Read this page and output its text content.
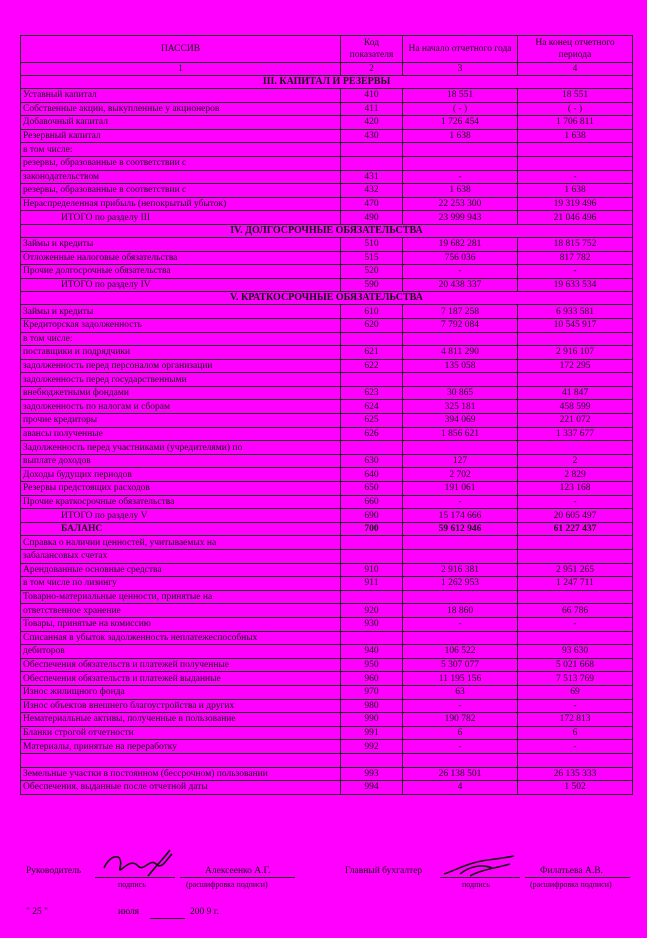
ПАССИВ	Код показателя	На начало отчетного года	На конец отчетного периода
1	2	3	4
III. КАПИТАЛ И РЕЗЕРВЫ			
Уставный капитал	410	18 551	18 551
Собственные акции, выкупленные у акционеров	411	( - )	( - )
Добавочный капитал	420	1 726 454	1 706 811
Резервный капитал	430	1 638	1 638
в том числе:			
резервы, образованные в соответствии с			
законодательством	431	-	-
резервы, образованные в соответствии с	432	1 638	1 638
Нераспределенная прибыль (непокрытый убыток)	470	22 253 300	19 319 496
ИТОГО по разделу III	490	23 999 943	21 046 496
IV. ДОЛГОСРОЧНЫЕ ОБЯЗАТЕЛЬСТВА			
Займы и кредиты	510	19 682 281	18 815 752
Отложенные налоговые обязательства	515	756 036	817 782
Прочие долгосрочные обязательства	520	-	-
ИТОГО по разделу IV	590	20 438 337	19 633 534
V. КРАТКОСРОЧНЫЕ ОБЯЗАТЕЛЬСТВА			
Займы и кредиты	610	7 187 258	6 933 581
Кредиторская задолженность	620	7 792 084	10 545 917
в том числе:			
поставщики и подрядчики	621	4 811 290	2 916 107
задолженность перед персоналом организации	622	135 058	172 295
задолженность перед государственными			
внебюджетными фондами	623	30 865	41 847
задолженность по налогам и сборам	624	325 181	458 599
прочие кредиторы	625	394 069	221 072
авансы полученные	626	1 856 621	1 337 677
Задолженность перед участниками (учредителями) по			
выплате доходов	630	127	2
Доходы будущих периодов	640	2 702	2 829
Резервы предстоящих расходов	650	191 061	123 168
Прочие краткосрочные обязательства	660	-	-
ИТОГО по разделу V	690	15 174 666	20 605 497
БАЛАНС	700	59 612 946	61 227 437
Справка о наличии ценностей, учитываемых на			
забалансовых счетах			
Арендованные основные средства	910	2 916 381	2 951 265
в том числе по лизингу	911	1 262 953	1 247 711
Товарно-материальные ценности, принятые на			
ответственное хранение	920	18 860	66 786
Товары, принятые на комиссию	930	-	-
Списанная в убыток задолженность неплатежеспособных			
дебиторов	940	106 522	93 630
Обеспечения обязательств и платежей полученные	950	5 307 077	5 021 668
Обеспечения обязательств и платежей выданные	960	11 195 156	7 513 769
Износ жилищного фонда	970	63	69
Износ объектов внешнего благоустройства и других	980	-	-
Нематериальные активы, полученные в пользование	990	190 782	172 813
Бланки строгой отчетности	991	6	6
Материалы, принятые на переработку	992	-	-

Земельные участки в постоянном (бессрочном) пользовании	993	26 138 501	26 135 333
Обеспечения, выданные после отчетной даты	994	4	1 502
Руководитель
подпись
Алексеенко А.Г.
(расшифровка подписи)
Главный бухгалтер
подпись
Филатьева А.В.
(расшифровка подписи)
" 25 "	июля	200 9 г.
